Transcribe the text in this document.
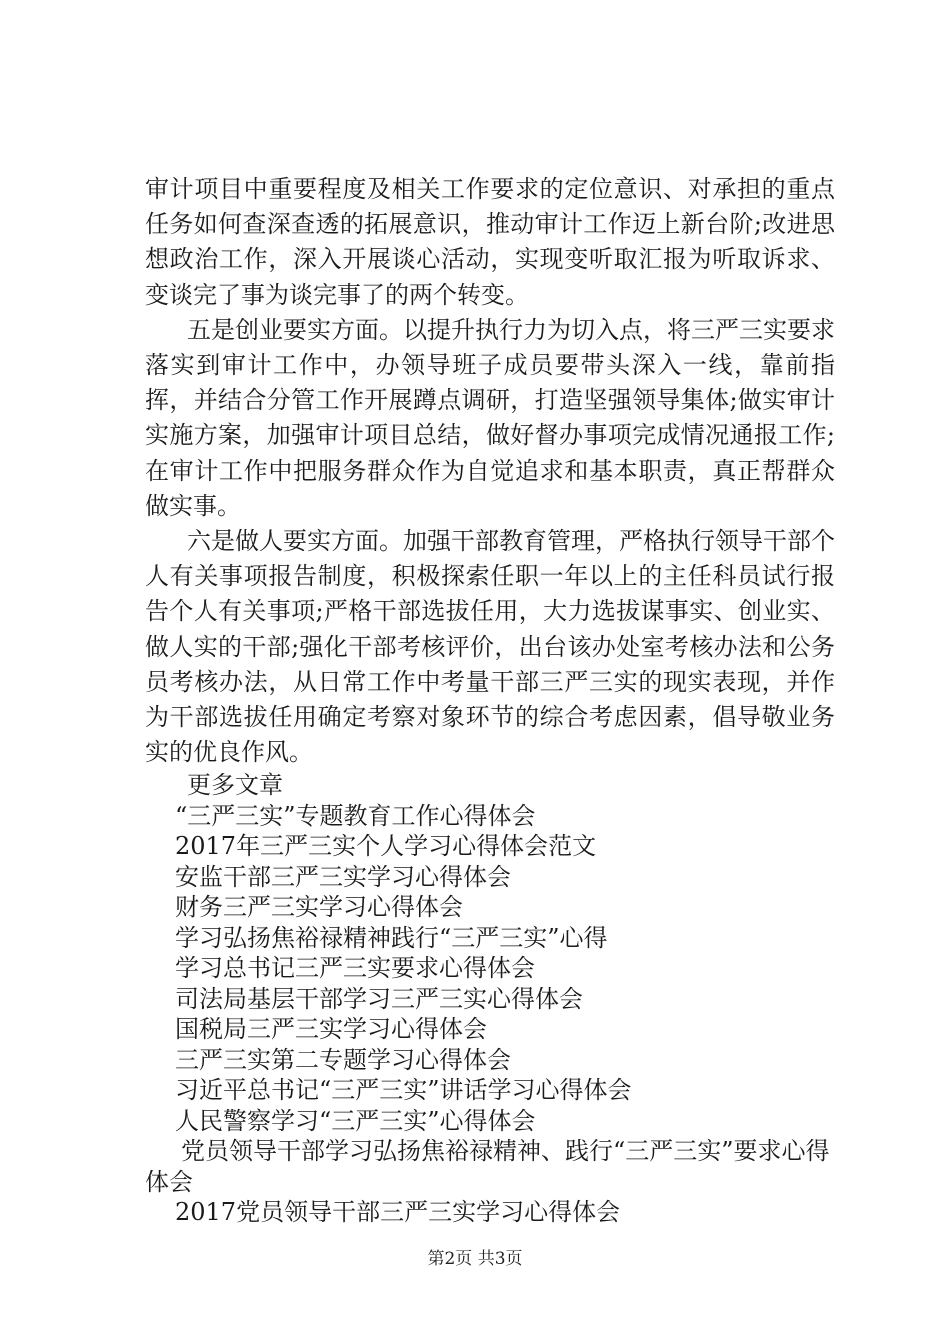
审计项目中重要程度及相关工作要求的定位意识、对承担的重点任务如何查深查透的拓展意识，推动审计工作迈上新台阶;改进思想政治工作，深入开展谈心活动，实现变听取汇报为听取诉求、变谈完了事为谈完事了的两个转变。

五是创业要实方面。以提升执行力为切入点，将三严三实要求落实到审计工作中，办领导班子成员要带头深入一线，靠前指挥，并结合分管工作开展蹲点调研，打造坚强领导集体;做实审计实施方案，加强审计项目总结，做好督办事项完成情况通报工作;在审计工作中把服务群众作为自觉追求和基本职责，真正帮群众做实事。

六是做人要实方面。加强干部教育管理，严格执行领导干部个人有关事项报告制度，积极探索任职一年以上的主任科员试行报告个人有关事项;严格干部选拔任用，大力选拔谋事实、创业实、做人实的干部;强化干部考核评价，出台该办处室考核办法和公务员考核办法，从日常工作中考量干部三严三实的现实表现，并作为干部选拔任用确定考察对象环节的综合考虑因素，倡导敬业务实的优良作风。

更多文章

“三严三实”专题教育工作心得体会
2017年三严三实个人学习心得体会范文
安监干部三严三实学习心得体会
财务三严三实学习心得体会
学习弘扬焦裕禄精神践行“三严三实”心得
学习总书记三严三实要求心得体会
司法局基层干部学习三严三实心得体会
国税局三严三实学习心得体会
三严三实第二专题学习心得体会
习近平总书记“三严三实”讲话学习心得体会
人民警察学习“三严三实”心得体会
党员领导干部学习弘扬焦裕禄精神、践行“三严三实”要求心得体会
2017党员领导干部三严三实学习心得体会
第2页 共3页
